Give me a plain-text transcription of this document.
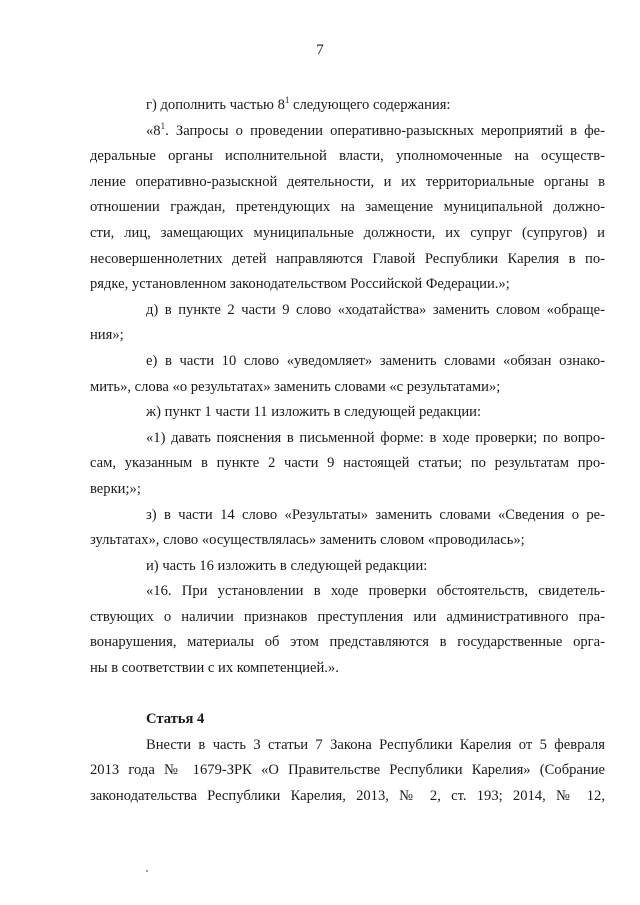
7
г) дополнить частью $8^1$ следующего содержания:
«$8^1$. Запросы о проведении оперативно-разыскных мероприятий в фе-
деральные органы исполнительной власти, уполномоченные на осуществ-
ление оперативно-разыскной деятельности, и их территориальные органы в
отношении граждан, претендующих на замещение муниципальной должно-
сти, лиц, замещающих муниципальные должности, их супруг (супругов) и
несовершеннолетних детей направляются Главой Республики Карелия в по-
рядке, установленном законодательством Российской Федерации.»;
д) в пункте 2 части 9 слово «ходатайства» заменить словом «обраще-
ния»;
е) в части 10 слово «уведомляет» заменить словами «обязан ознако-
мить», слова «о результатах» заменить словами «с результатами»;
ж) пункт 1 части 11 изложить в следующей редакции:
«1) давать пояснения в письменной форме: в ходе проверки; по вопро-
сам, указанным в пункте 2 части 9 настоящей статьи; по результатам про-
верки;»;
з) в части 14 слово «Результаты» заменить словами «Сведения о ре-
зультатах», слово «осуществлялась» заменить словом «проводилась»;
и) часть 16 изложить в следующей редакции:
«16. При установлении в ходе проверки обстоятельств, свидетель-
ствующих о наличии признаков преступления или административного пра-
вонарушения, материалы об этом представляются в государственные орга-
ны в соответствии с их компетенцией.».
Статья 4
Внести в часть 3 статьи 7 Закона Республики Карелия от 5 февраля
2013 года № 1679-ЗРК «О Правительстве Республики Карелия» (Собрание
законодательства Республики Карелия, 2013, № 2, ст. 193; 2014, № 12,
